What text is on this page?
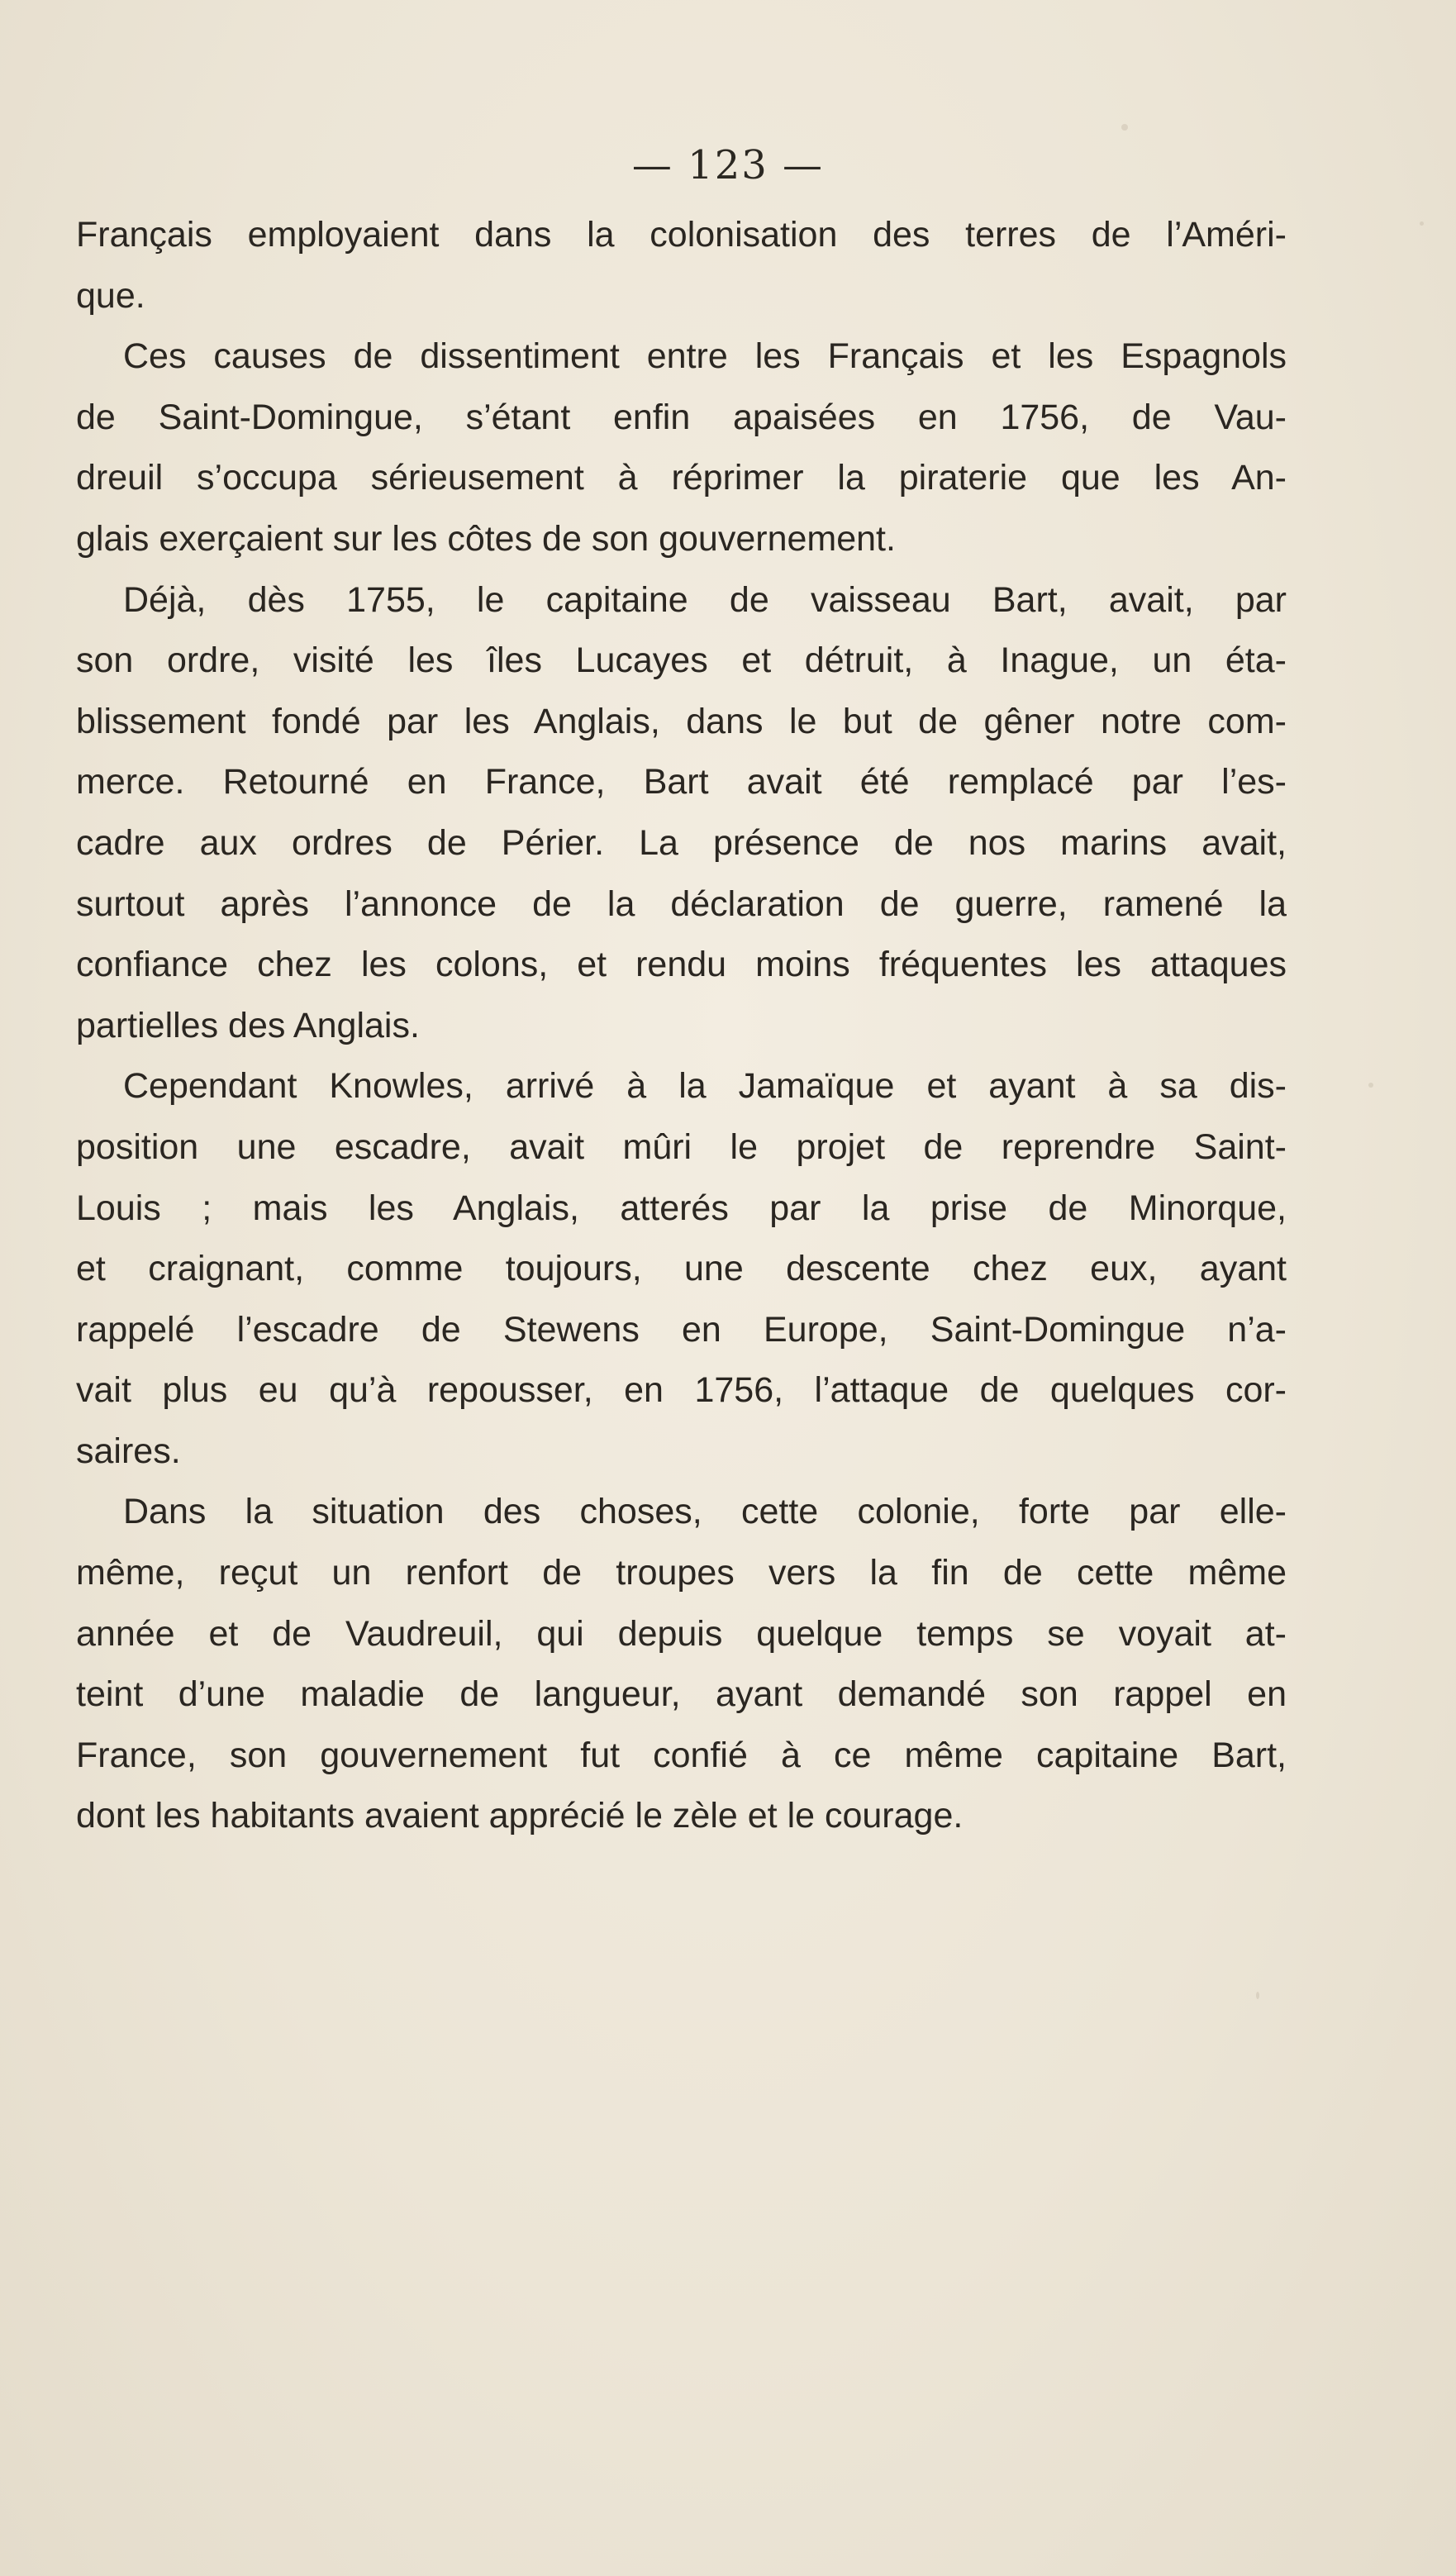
— 123 —
Français employaient dans la colonisation des terres de l’Améri-
que.
Ces causes de dissentiment entre les Français et les Espagnols
de Saint-Domingue, s’étant enfin apaisées en 1756, de Vau-
dreuil s’occupa sérieusement à réprimer la piraterie que les An-
glais exerçaient sur les côtes de son gouvernement.
Déjà, dès 1755, le capitaine de vaisseau Bart, avait, par
son ordre, visité les îles Lucayes et détruit, à Inague, un éta-
blissement fondé par les Anglais, dans le but de gêner notre com-
merce. Retourné en France, Bart avait été remplacé par l’es-
cadre aux ordres de Périer. La présence de nos marins avait,
surtout après l’annonce de la déclaration de guerre, ramené la
confiance chez les colons, et rendu moins fréquentes les attaques
partielles des Anglais.
Cependant Knowles, arrivé à la Jamaïque et ayant à sa dis-
position une escadre, avait mûri le projet de reprendre Saint-
Louis ; mais les Anglais, atterés par la prise de Minorque,
et craignant, comme toujours, une descente chez eux, ayant
rappelé l’escadre de Stewens en Europe, Saint-Domingue n’a-
vait plus eu qu’à repousser, en 1756, l’attaque de quelques cor-
saires.
Dans la situation des choses, cette colonie, forte par elle-
même, reçut un renfort de troupes vers la fin de cette même
année et de Vaudreuil, qui depuis quelque temps se voyait at-
teint d’une maladie de langueur, ayant demandé son rappel en
France, son gouvernement fut confié à ce même capitaine Bart,
dont les habitants avaient apprécié le zèle et le courage.
